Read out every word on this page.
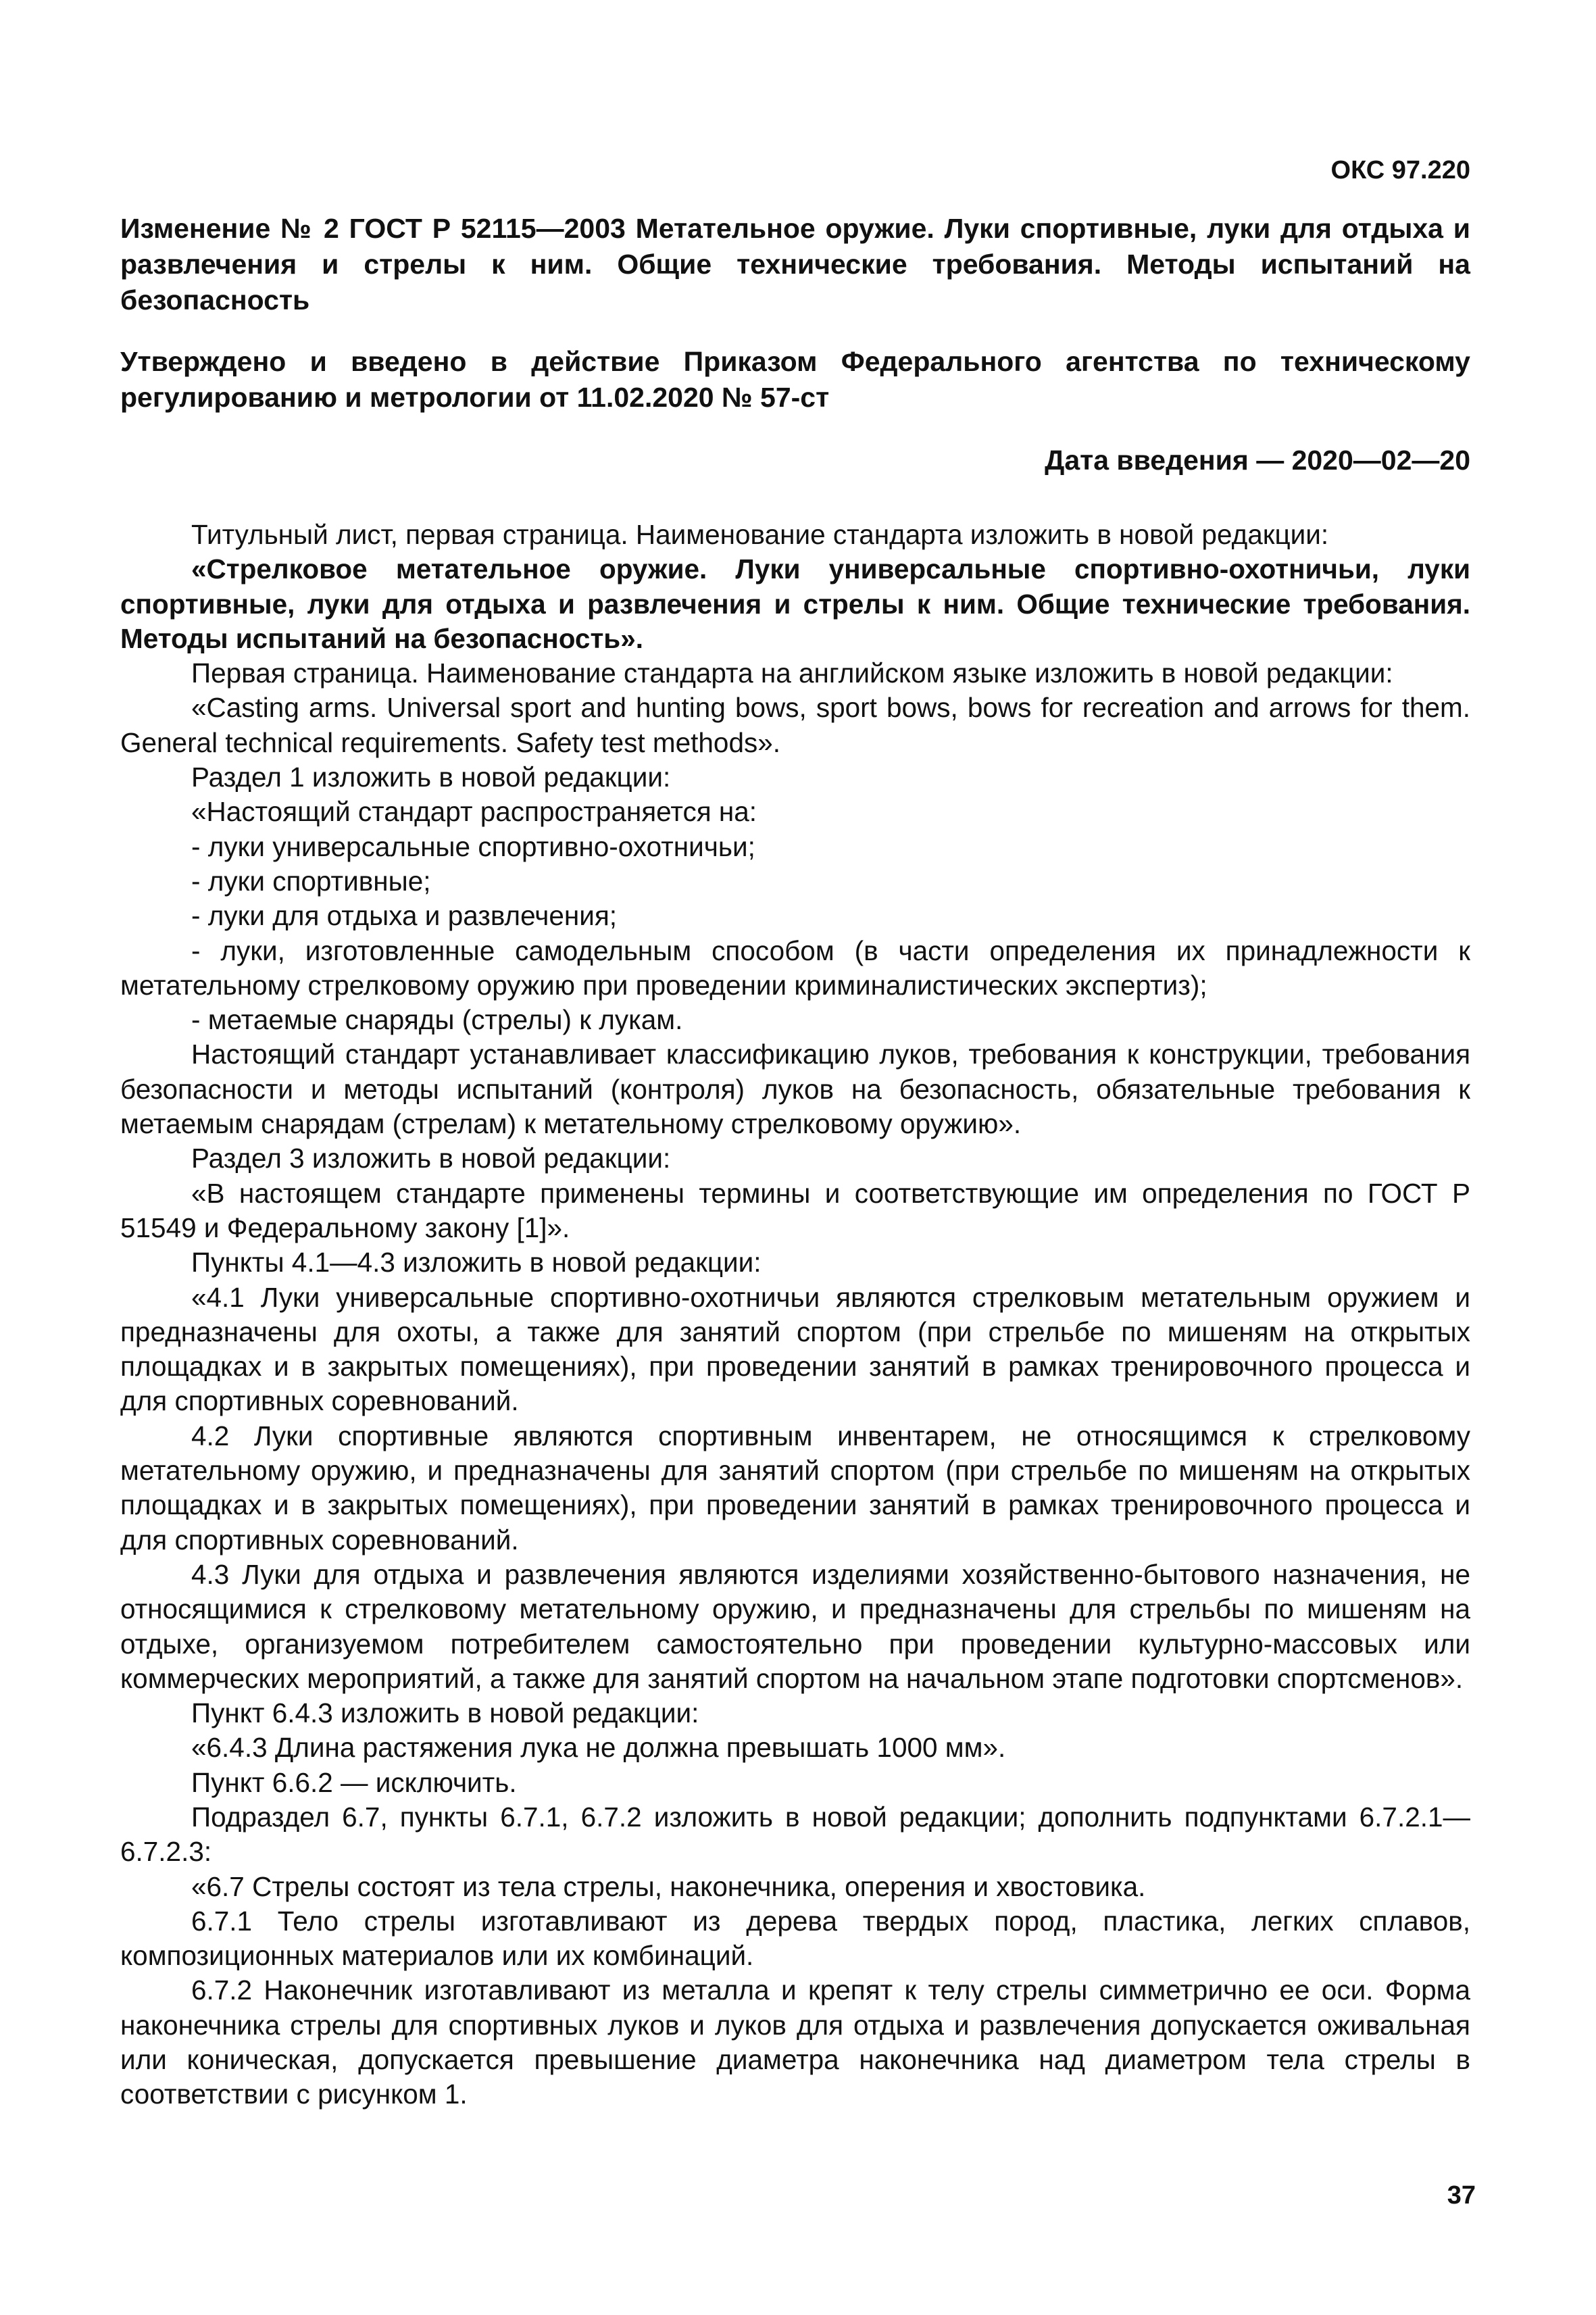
ОКС 97.220
Изменение № 2 ГОСТ Р 52115—2003 Метательное оружие. Луки спортивные, луки для отдыха и развлечения и стрелы к ним. Общие технические требования. Методы испытаний на безопасность
Утверждено и введено в действие Приказом Федерального агентства по техническому регулированию и метрологии от 11.02.2020 № 57-ст
Дата введения — 2020—02—20

Титульный лист, первая страница. Наименование стандарта изложить в новой редакции:

«Стрелковое метательное оружие. Луки универсальные спортивно-охотничьи, луки спортивные, луки для отдыха и развлечения и стрелы к ним. Общие технические требования. Методы испытаний на безопасность».

Первая страница. Наименование стандарта на английском языке изложить в новой редакции:

«Casting arms. Universal sport and hunting bows, sport bows, bows for recreation and arrows for them. General technical requirements. Safety test methods».

Раздел 1 изложить в новой редакции:

«Настоящий стандарт распространяется на:

- луки универсальные спортивно-охотничьи;

- луки спортивные;

- луки для отдыха и развлечения;

- луки, изготовленные самодельным способом (в части определения их принадлежности к метательному стрелковому оружию при проведении криминалистических экспертиз);

- метаемые снаряды (стрелы) к лукам.

Настоящий стандарт устанавливает классификацию луков, требования к конструкции, требования безопасности и методы испытаний (контроля) луков на безопасность, обязательные требования к метаемым снарядам (стрелам) к метательному стрелковому оружию».

Раздел 3 изложить в новой редакции:

«В настоящем стандарте применены термины и соответствующие им определения по ГОСТ Р 51549 и Федеральному закону [1]».

Пункты 4.1—4.3 изложить в новой редакции:

«4.1 Луки универсальные спортивно-охотничьи являются стрелковым метательным оружием и предназначены для охоты, а также для занятий спортом (при стрельбе по мишеням на открытых площадках и в закрытых помещениях), при проведении занятий в рамках тренировочного процесса и для спортивных соревнований.

4.2 Луки спортивные являются спортивным инвентарем, не относящимся к стрелковому метательному оружию, и предназначены для занятий спортом (при стрельбе по мишеням на открытых площадках и в закрытых помещениях), при проведении занятий в рамках тренировочного процесса и для спортивных соревнований.

4.3 Луки для отдыха и развлечения являются изделиями хозяйственно-бытового назначения, не относящимися к стрелковому метательному оружию, и предназначены для стрельбы по мишеням на отдыхе, организуемом потребителем самостоятельно при проведении культурно-массовых или коммерческих мероприятий, а также для занятий спортом на начальном этапе подготовки спортсменов».

Пункт 6.4.3 изложить в новой редакции:

«6.4.3 Длина растяжения лука не должна превышать 1000 мм».

Пункт 6.6.2 — исключить.

Подраздел 6.7, пункты 6.7.1, 6.7.2 изложить в новой редакции; дополнить подпунктами 6.7.2.1—6.7.2.3:

«6.7 Стрелы состоят из тела стрелы, наконечника, оперения и хвостовика.

6.7.1 Тело стрелы изготавливают из дерева твердых пород, пластика, легких сплавов, композиционных материалов или их комбинаций.

6.7.2 Наконечник изготавливают из металла и крепят к телу стрелы симметрично ее оси. Форма наконечника стрелы для спортивных луков и луков для отдыха и развлечения допускается оживальная или коническая, допускается превышение диаметра наконечника над диаметром тела стрелы в соответствии с рисунком 1.

37
